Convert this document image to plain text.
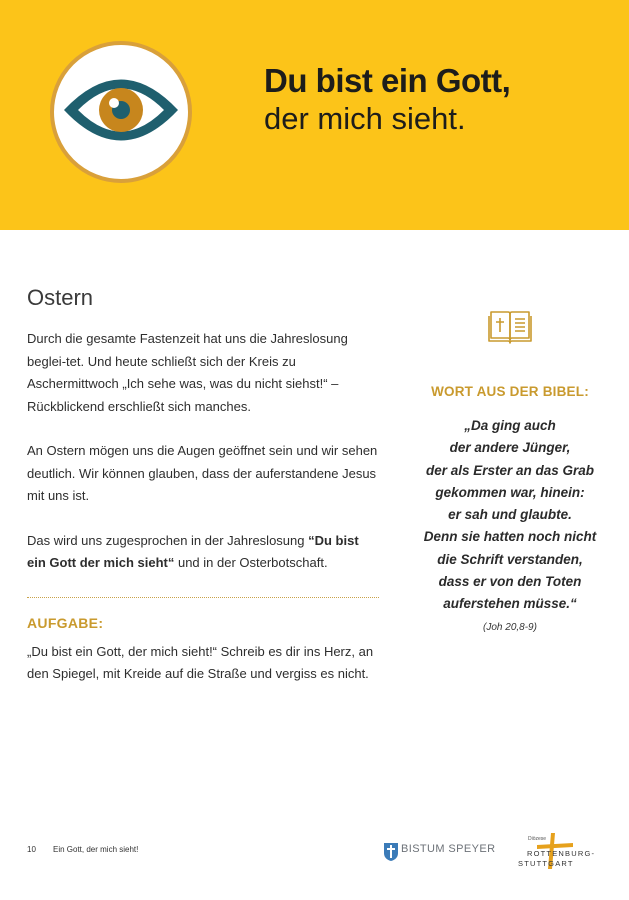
Du bist ein Gott,
der mich sieht.
Ostern

Durch die gesamte Fastenzeit hat uns die Jahreslosung beglei-tet. Und heute schließt sich der Kreis zu Aschermittwoch „Ich sehe was, was du nicht siehst!“ – Rückblickend erschließt sich manches.

An Ostern mögen uns die Augen geöffnet sein und wir sehen deutlich. Wir können glauben, dass der auferstandene Jesus mit uns ist.

Das wird uns zugesprochen in der Jahreslosung “Du bist ein Gott der mich sieht“ und in der Osterbotschaft.

AUFGABE:

„Du bist ein Gott, der mich sieht!“ Schreib es dir ins Herz, an den Spiegel, mit Kreide auf die Straße und vergiss es nicht.

WORT AUS DER BIBEL:
„Da ging auch
der andere Jünger,
der als Erster an das Grab
gekommen war, hinein:
er sah und glaubte.
Denn sie hatten noch nicht
die Schrift verstanden,
dass er von den Toten
auferstehen müsse.“
(Joh 20,8-9)
10 Ein Gott, der mich sieht!	BISTUM SPEYER
Diözese
ROTTENBURG-
STUTTGART
